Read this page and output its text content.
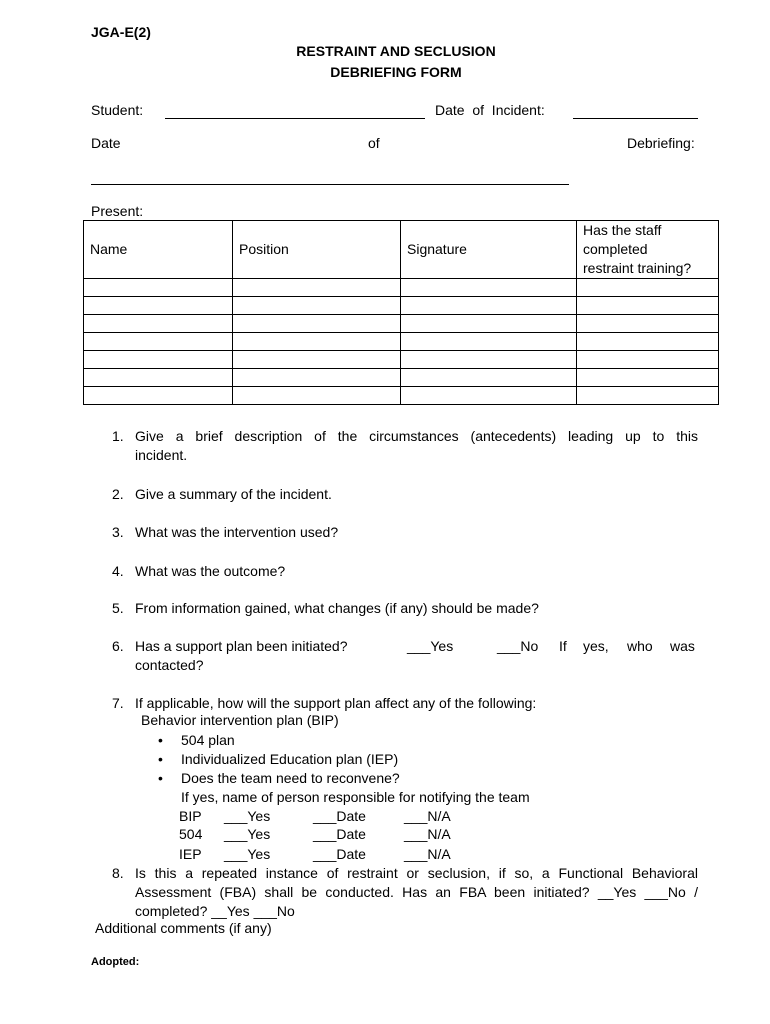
JGA-E(2)
RESTRAINT AND SECLUSION
DEBRIEFING FORM
Student:	Date  of  Incident:
Date	of	Debriefing:
Present:
Name	Position	Signature	Has the staff
completed
restraint training?

1. Give a brief description of the circumstances (antecedents) leading up to this
incident.
2. Give a summary of the incident.
3. What was the intervention used?
4. What was the outcome?
5. From information gained, what changes (if any) should be made?
6. Has a support plan been initiated?	___Yes	___No If yes, who was
contacted?
7. If applicable, how will the support plan affect any of the following:
Behavior intervention plan (BIP)
• 504 plan
• Individualized Education plan (IEP)
• Does the team need to reconvene?
If yes, name of person responsible for notifying the team
BIP ___Yes	___Date	___N/A
504 ___Yes	___Date	___N/A
IEP ___Yes	___Date	___N/A
8. Is this a repeated instance of restraint or seclusion, if so, a Functional Behavioral
Assessment (FBA) shall be conducted. Has an FBA been initiated? __Yes ___No /
completed? __Yes ___No
Additional comments (if any)
Adopted:
